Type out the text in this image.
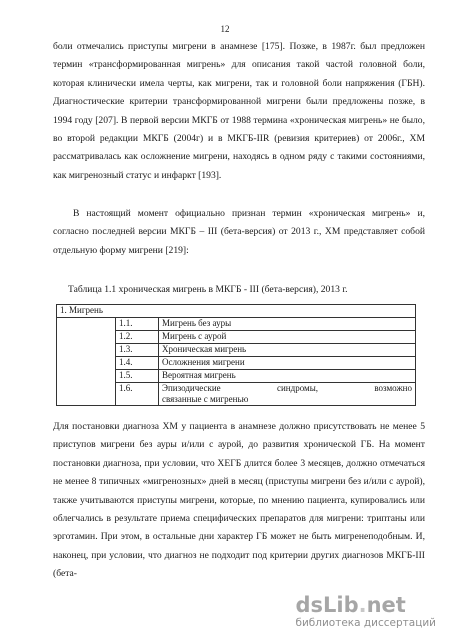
12

боли отмечались приступы мигрени в анамнезе [175]. Позже, в 1987г. был предложен термин «трансформированная мигрень» для описания такой частой головной боли, которая клинически имела черты, как мигрени, так и головной боли напряжения (ГБН). Диагностические критерии трансформированной мигрени были предложены позже, в 1994 году [207]. В первой версии МКГБ от 1988 термина «хроническая мигрень» не было, во второй редакции МКГБ (2004г) и в МКГБ-IIR (ревизия критериев) от 2006г., ХМ рассматривалась как осложнение мигрени, находясь в одном ряду с такими состояниями, как мигренозный статус и инфаркт [193].

В настоящий момент официально признан термин «хроническая мигрень» и, согласно последней версии МКГБ – III (бета-версия) от 2013 г., ХМ представляет собой отдельную форму мигрени [219]:

Таблица 1.1 хроническая мигрень в МКГБ - III (бета-версия), 2013 г.
1. Мигрень		
	1.1.	Мигрень без ауры
	1.2.	Мигрень с аурой
	1.3.	Хроническая мигрень
	1.4.	Осложнения мигрени
	1.5.	Вероятная мигрень
	1.6.	Эпизодические синдромы, возможно
связанные с мигренью

Для постановки диагноза ХМ у пациента в анамнезе должно присутствовать не менее 5 приступов мигрени без ауры и/или с аурой, до развития хронической ГБ. На момент постановки диагноза, при условии, что ХЕГБ длится более 3 месяцев, должно отмечаться не менее 8 типичных «мигренозных» дней в месяц (приступы мигрени без и/или с аурой), также учитываются приступы мигрени, которые, по мнению пациента, купировались или облегчались в результате приема специфических препаратов для мигрени: триптаны или эрготамин. При этом, в остальные дни характер ГБ может не быть мигренеподобным. И, наконец, при условии, что диагноз не подходит под критерии других диагнозов МКГБ-III (бета-

dsLib.net
библиотека диссертаций
